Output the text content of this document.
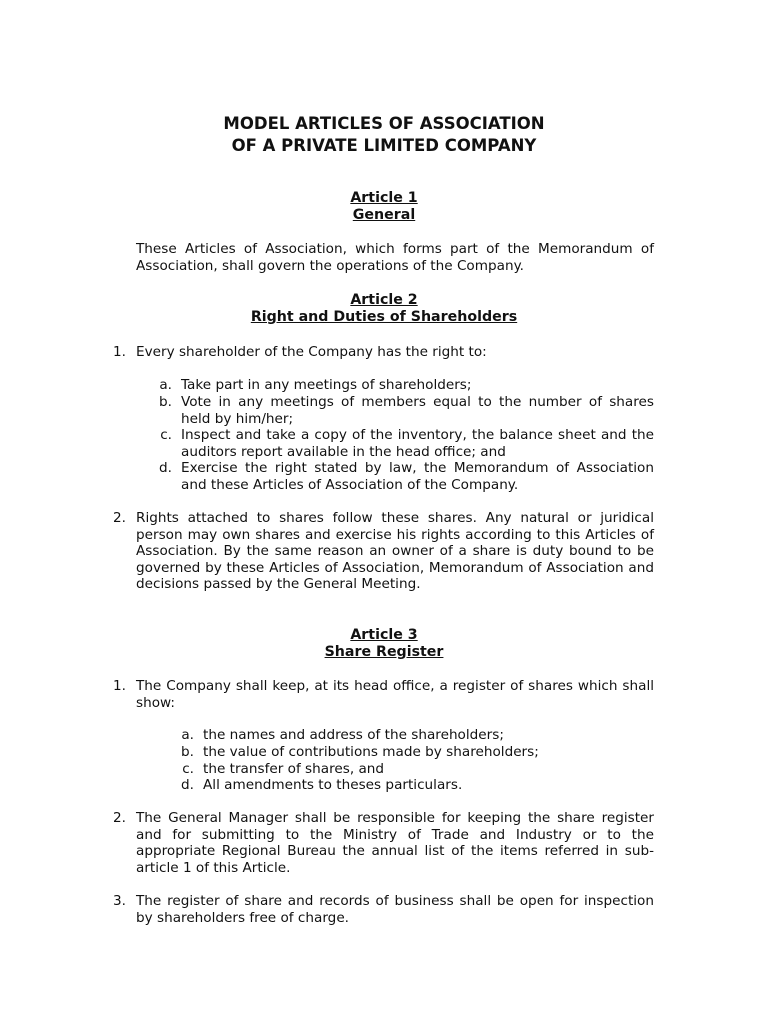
MODEL ARTICLES OF ASSOCIATION
OF A PRIVATE LIMITED COMPANY
Article 1
General
These Articles of Association, which forms part of the Memorandum of Association, shall govern the operations of the Company.
Article 2
Right and Duties of Shareholders
1. Every shareholder of the Company has the right to:
a. Take part in any meetings of shareholders;
b. Vote in any meetings of members equal to the number of shares held by him/her;
c. Inspect and take a copy of the inventory, the balance sheet and the auditors report available in the head office; and
d. Exercise the right stated by law, the Memorandum of Association and these Articles of Association of the Company.
2. Rights attached to shares follow these shares. Any natural or juridical person may own shares and exercise his rights according to this Articles of Association. By the same reason an owner of a share is duty bound to be governed by these Articles of Association, Memorandum of Association and decisions passed by the General Meeting.
Article 3
Share Register
1. The Company shall keep, at its head office, a register of shares which shall show:
a. the names and address of the shareholders;
b. the value of contributions made by shareholders;
c. the transfer of shares, and
d. All amendments to theses particulars.
2. The General Manager shall be responsible for keeping the share register and for submitting to the Ministry of Trade and Industry or to the appropriate Regional Bureau the annual list of the items referred in sub-article 1 of this Article.
3. The register of share and records of business shall be open for inspection by shareholders free of charge.
